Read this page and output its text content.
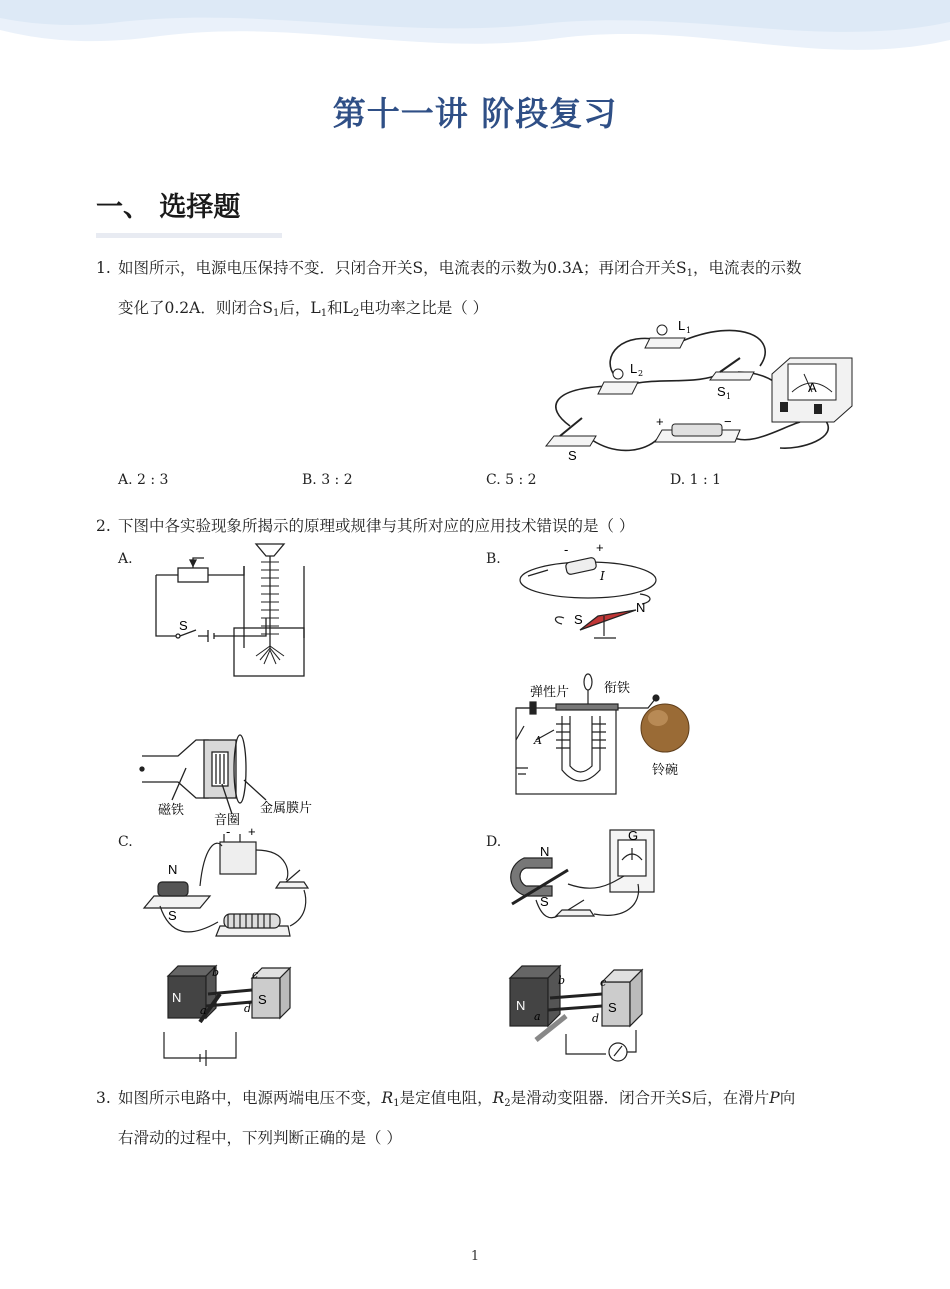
第十一讲 阶段复习
一、 选择题
1. 如图所示，电源电压保持不变．只闭合开关S，电流表的示数为0.3A；再闭合开关$S_1$，电流表的示数
变化了0.2A．则闭合$S_1$后，$L_1$和$L_2$电功率之比是（ ）
L 1
L 2
S 1
S
+	−
A
A. 2 : 3	B. 3 : 2	C. 5 : 2	D. 1 : 1
2. 下图中各实验现象所揭示的原理或规律与其所对应的应用技术错误的是（ ）
A.	B.
C.	D.
S
磁铁
音圈
金属膜片
- +
I
N
S
弹性片	衔铁
A
铃碗
N
S
- +
N	S
b	c
a	d
N
S
G
N	S
b	c
a	d
3. 如图所示电路中，电源两端电压不变，$R_1$是定值电阻，$R_2$是滑动变阻器．闭合开关S后，在滑片P向
右滑动的过程中，下列判断正确的是（ ）
1
